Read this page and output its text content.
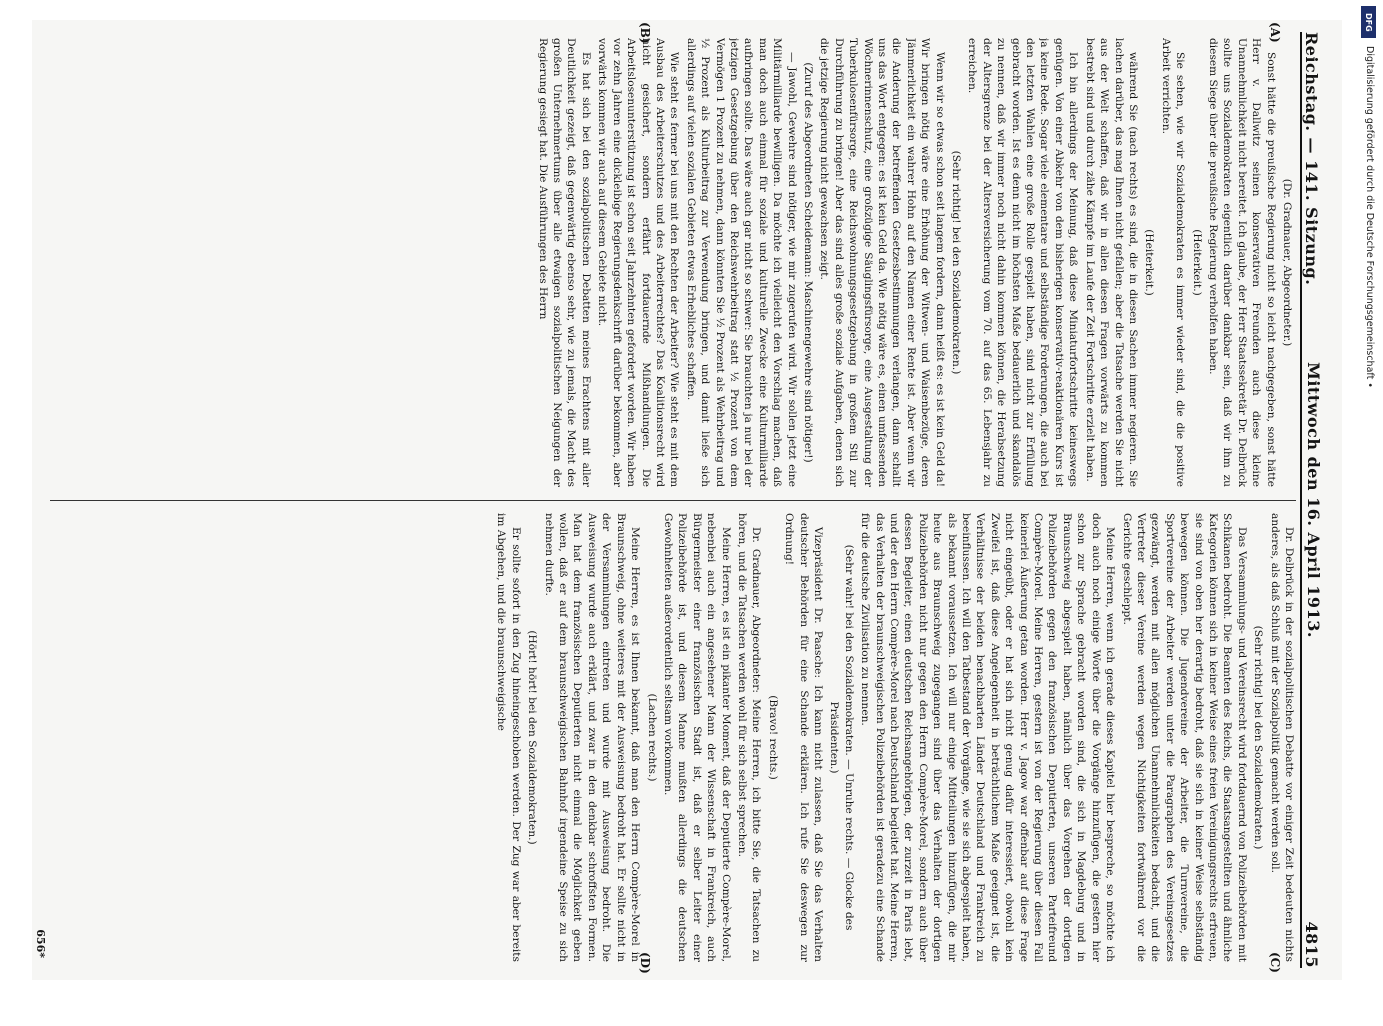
Reichstag. — 141. Sitzung.
Mittwoch den 16. April 1913.
4815

(Dr. Gradnauer, Abgeordneter.)

Sonst hätte die preußische Regierung nicht so leicht nachgegeben, sonst hätte Herr v. Dallwitz seinen konservativen Freunden auch diese kleine Unannehmlichkeit nicht bereitet. Ich glaube, der Herr Staatssekretär Dr. Delbrück sollte uns Sozialdemokraten eigentlich darüber dankbar sein, daß wir ihm zu diesem Siege über die preußische Regierung verholfen haben.

(Heiterkeit.)

Sie sehen, wie wir Sozialdemokraten es immer wieder sind, die die positive Arbeit verrichten.

(Heiterkeit.)

während Sie (nach rechts) es sind, die in diesen Sachen immer negieren. Sie lachen darüber, das mag Ihnen nicht gefallen; aber die Tatsache werden Sie nicht aus der Welt schaffen, daß wir in allen diesen Fragen vorwärts zu kommen bestrebt sind und durch zähe Kämpfe im Laufe der Zeit Fortschritte erzielt haben.

Ich bin allerdings der Meinung, daß diese Miniaturfortschritte keineswegs genügen. Von einer Abkehr von dem bisherigen konservativ-reaktionären Kurs ist ja keine Rede. Sogar viele elementare und selbständige Forderungen, die auch bei den letzten Wahlen eine große Rolle gespielt haben, sind nicht zur Erfüllung gebracht worden. Ist es denn nicht im höchsten Maße bedauerlich und skandalös zu nennen, daß wir immer noch nicht dahin kommen können, die Herabsetzung der Altersgrenze bei der Altersversicherung vom 70. auf das 65. Lebensjahr zu erreichen.

(Sehr richtig! bei den Sozialdemokraten.)

Wenn wir so etwas schon seit langem fordern, dann heißt es: es ist kein Geld da! Wir bringen nötig wäre eine Erhöhung der Witwen- und Waisenbezüge, deren Jämmerlichkeit ein wahrer Hohn auf den Namen einer Rente ist. Aber wenn wir die Anderung der betreffenden Gesetzesbestimmungen verlangen, dann schallt uns das Wort entgegen: es ist kein Geld da. Wie nötig wäre es, einen umfassenden Wöchnerinnenschutz, eine großzügige Säuglingsfürsorge, eine Ausgestaltung der Tuberkulosenfürsorge, eine Reichswohnungsgesetzgebung in großem Stil zur Durchführung zu bringen! Aber das sind alles große soziale Aufgaben, denen sich die jetzige Regierung nicht gewachsen zeigt.

(Zuruf des Abgeordneten Scheidemann: Maschinengewehre sind nötiger!)

— Jawohl, Gewehre sind nötiger, wie mir zugerufen wird. Wir sollen jetzt eine Militärmilliarde bewilligen. Da möchte ich vielleicht den Vorschlag machen, daß man doch auch einmal für soziale und kulturelle Zwecke eine Kulturmilliarde aufbringen sollte. Das wäre auch gar nicht so schwer: Sie brauchten ja nur bei der jetzigen Gesetzgebung über den Reichswehrbeitrag statt ½ Prozent von dem Vermögen 1 Prozent zu nehmen, dann könnten Sie ½ Prozent als Wehrbeitrag und ½ Prozent als Kulturbeitrag zur Verwendung bringen, und damit ließe sich allerdings auf vielen sozialen Gebieten etwas Erhebliches schaffen.

Wie steht es ferner bei uns mit den Rechten der Arbeiter? Wie steht es mit dem Ausbau des Arbeiterschutzes und des Arbeiterrechtes? Das Koalitionsrecht wird nicht gesichert, sondern erfährt fortdauernde Mißhandlungen. Die Arbeitslosenunterstützung ist schon seit Jahrzehnten gefordert worden. Wir haben vor zehn Jahren eine dickleibige Regierungsdenkschrift darüber bekommen, aber vorwärts kommen wir auch auf diesem Gebiete nicht.

Es hat sich bei den sozialpolitischen Debatten meines Erachtens mit aller Deutlichkeit gezeigt, daß gegenwärtig ebenso sehr, wie zu jemals, die Macht des großen Unternehmertums über alle etwaigen sozialpolitischen Neigungen der Regierung gesiegt hat. Die Ausführungen des Herrn

Dr. Delbrück in der sozialpolitischen Debatte vor einiger Zeit bedeuten nichts anderes, als daß Schluß mit der Sozialpolitik gemacht werden soll.

(Sehr richtig! bei den Sozialdemokraten.)

Das Versammlungs- und Vereinsrecht wird fortdauernd von Polizeibehörden mit Schikanen bedroht. Die Beamten des Reichs, die Staatsangestellten und ähnliche Kategorien können sich in keiner Weise eines freien Vereinigungsrechts erfreuen, sie sind von oben her derartig bedroht, daß sie sich in keiner Weise selbständig bewegen können. Die Jugendvereine der Arbeiter, die Turnvereine, die Sportvereine der Arbeiter werden unter die Paragraphen des Vereinsgesetzes gezwängt, werden mit allen möglichen Unannehmlichkeiten bedacht, und die Vertreter dieser Vereine werden wegen Nichtigkeiten fortwährend vor die Gerichte geschleppt.

Meine Herren, wenn ich gerade dieses Kapitel hier bespreche, so möchte ich doch auch noch einige Worte über die Vorgänge hinzufügen, die gestern hier schon zur Sprache gebracht worden sind, die sich in Magdeburg und in Braunschweig abgespielt haben, nämlich über das Vorgehen der dortigen Polizeibehörden gegen den französischen Deputierten, unseren Parteifreund Compère-Morel. Meine Herren, gestern ist von der Regierung über diesen Fall keinerlei Äußerung getan worden. Herr v. Jagow war offenbar auf diese Frage nicht eingeübt, oder er hat sich nicht genug dafür interessiert, obwohl kein Zweifel ist, daß diese Angelegenheit in beträchtlichem Maße geeignet ist, die Verhältnisse der beiden benachbarten Länder Deutschland und Frankreich zu beeinflussen. Ich will den Tatbestand der Vorgänge, wie sie sich abgespielt haben, als bekannt voraussetzen. Ich will nur einige Mitteilungen hinzufügen, die mir heute aus Braunschweig zugegangen sind über das Verhalten der dortigen Polizeibehörden nicht nur gegen den Herrn Compère-Morel, sondern auch über dessen Begleiter, einen deutschen Reichsangehörigen, der zurzeit in Paris lebt, und der den Herrn Compère-Morel nach Deutschland begleitet hat. Meine Herren, das Verhalten der braunschweigischen Polizeibehörden ist geradezu eine Schande für die deutsche Zivilisation zu nennen.

(Sehr wahr! bei den Sozialdemokraten. — Unruhe rechts. — Glocke des Präsidenten.)

Vizepräsident Dr. Paasche: Ich kann nicht zulassen, daß Sie das Verhalten deutscher Behörden für eine Schande erklären. Ich rufe Sie deswegen zur Ordnung!

(Bravo! rechts.)

Dr. Gradnauer, Abgeordneter: Meine Herren, ich bitte Sie, die Tatsachen zu hören, und die Tatsachen werden wohl für sich selbst sprechen.

Meine Herren, es ist ein pikanter Moment, daß der Deputierte Compère-Morel, nebenbei auch ein angesehener Mann der Wissenschaft in Frankreich, auch Bürgermeister einer französischen Stadt ist, daß er selber Leiter einer Polizeibehörde ist, und diesem Manne mußten allerdings die deutschen Gewohnheiten außerordentlich seltsam vorkommen.

(Lachen rechts.)

Meine Herren, es ist Ihnen bekannt, daß man den Herrn Compère-Morel in Braunschweig, ohne weiteres mit der Ausweisung bedroht hat. Er sollte nicht in der Versammlungen eintreten und wurde mit Ausweisung bedroht. Die Ausweisung wurde auch erklärt, und zwar in den denkbar schroffsten Formen. Man hat dem französischen Deputierten nicht einmal die Möglichkeit geben wollen, daß er auf dem braunschweigischen Bahnhof irgendeine Speise zu sich nehmen durfte.

(Hört! hört! bei den Sozialdemokraten.)

Er sollte sofort in den Zug hineingeschoben werden. Der Zug war aber bereits im Abgehen, und die braunschweigische

(A)
(B)
(C)
(D)
656*
DFG
Digitalisierung gefördert durch die Deutsche Forschungsgemeinschaft •
